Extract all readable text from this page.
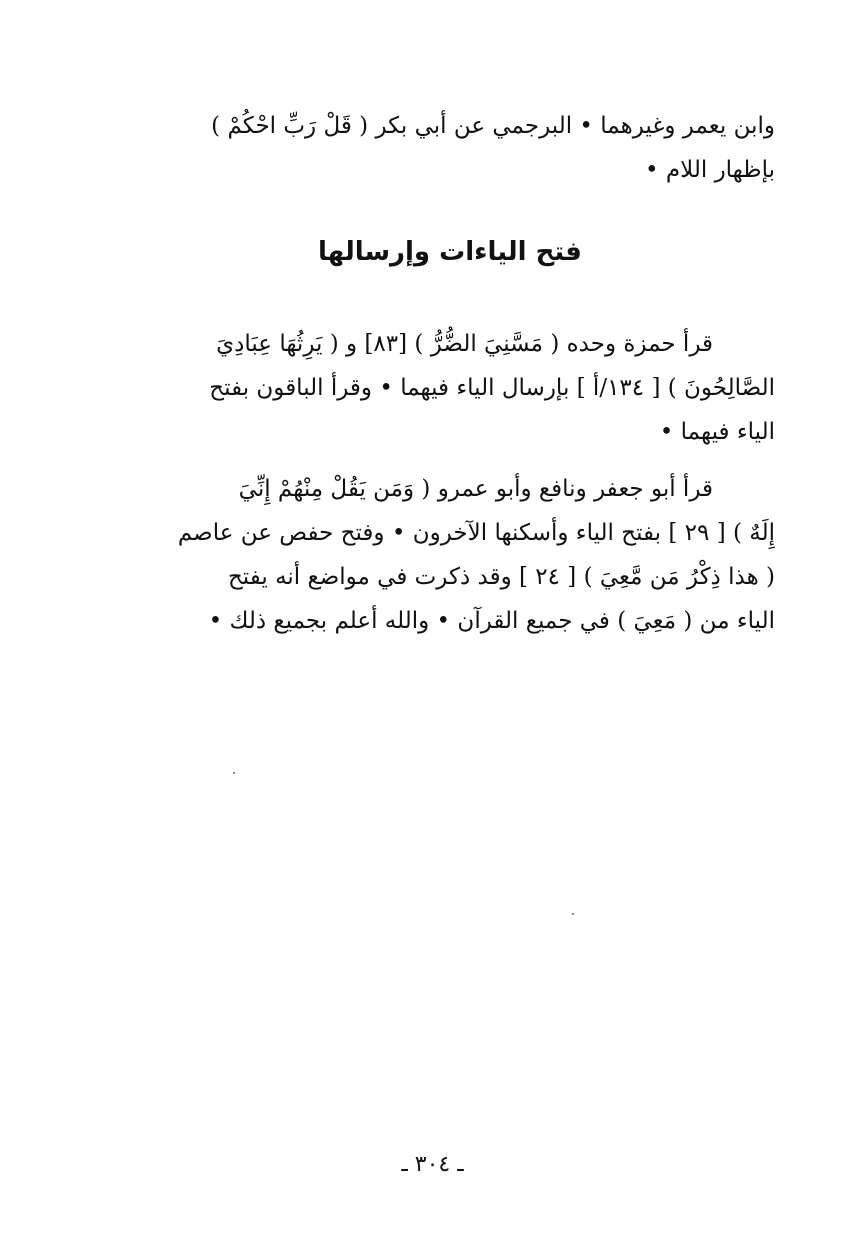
وابن يعمر وغيرهما • البرجمي عن أبي بكر ( قَلْ رَبِّ احْكُمْ )
بإظهار اللام •
فتح الياءات وإرسالها
قرأ حمزة وحده ( مَسَّنِيَ الضُّرُّ ) [٨٣] و ( يَرِثُهَا عِبَادِيَ
الصَّالِحُونَ ) [ ١٣٤/أ ] بإرسال الياء فيهما • وقرأ الباقون بفتح
الياء فيهما •
قرأ أبو جعفر ونافع وأبو عمرو ( وَمَن يَقُلْ مِنْهُمْ إِنِّيَ
إِلَهٌ ) [ ٢٩ ] بفتح الياء وأسكنها الآخرون • وفتح حفص عن عاصم
( هذا ذِكْرُ مَن مَّعِيَ ) [ ٢٤ ] وقد ذكرت في مواضع أنه يفتح
الياء من ( مَعِيَ ) في جميع القرآن • والله أعلم بجميع ذلك •
ـ ٣٠٤ ـ
